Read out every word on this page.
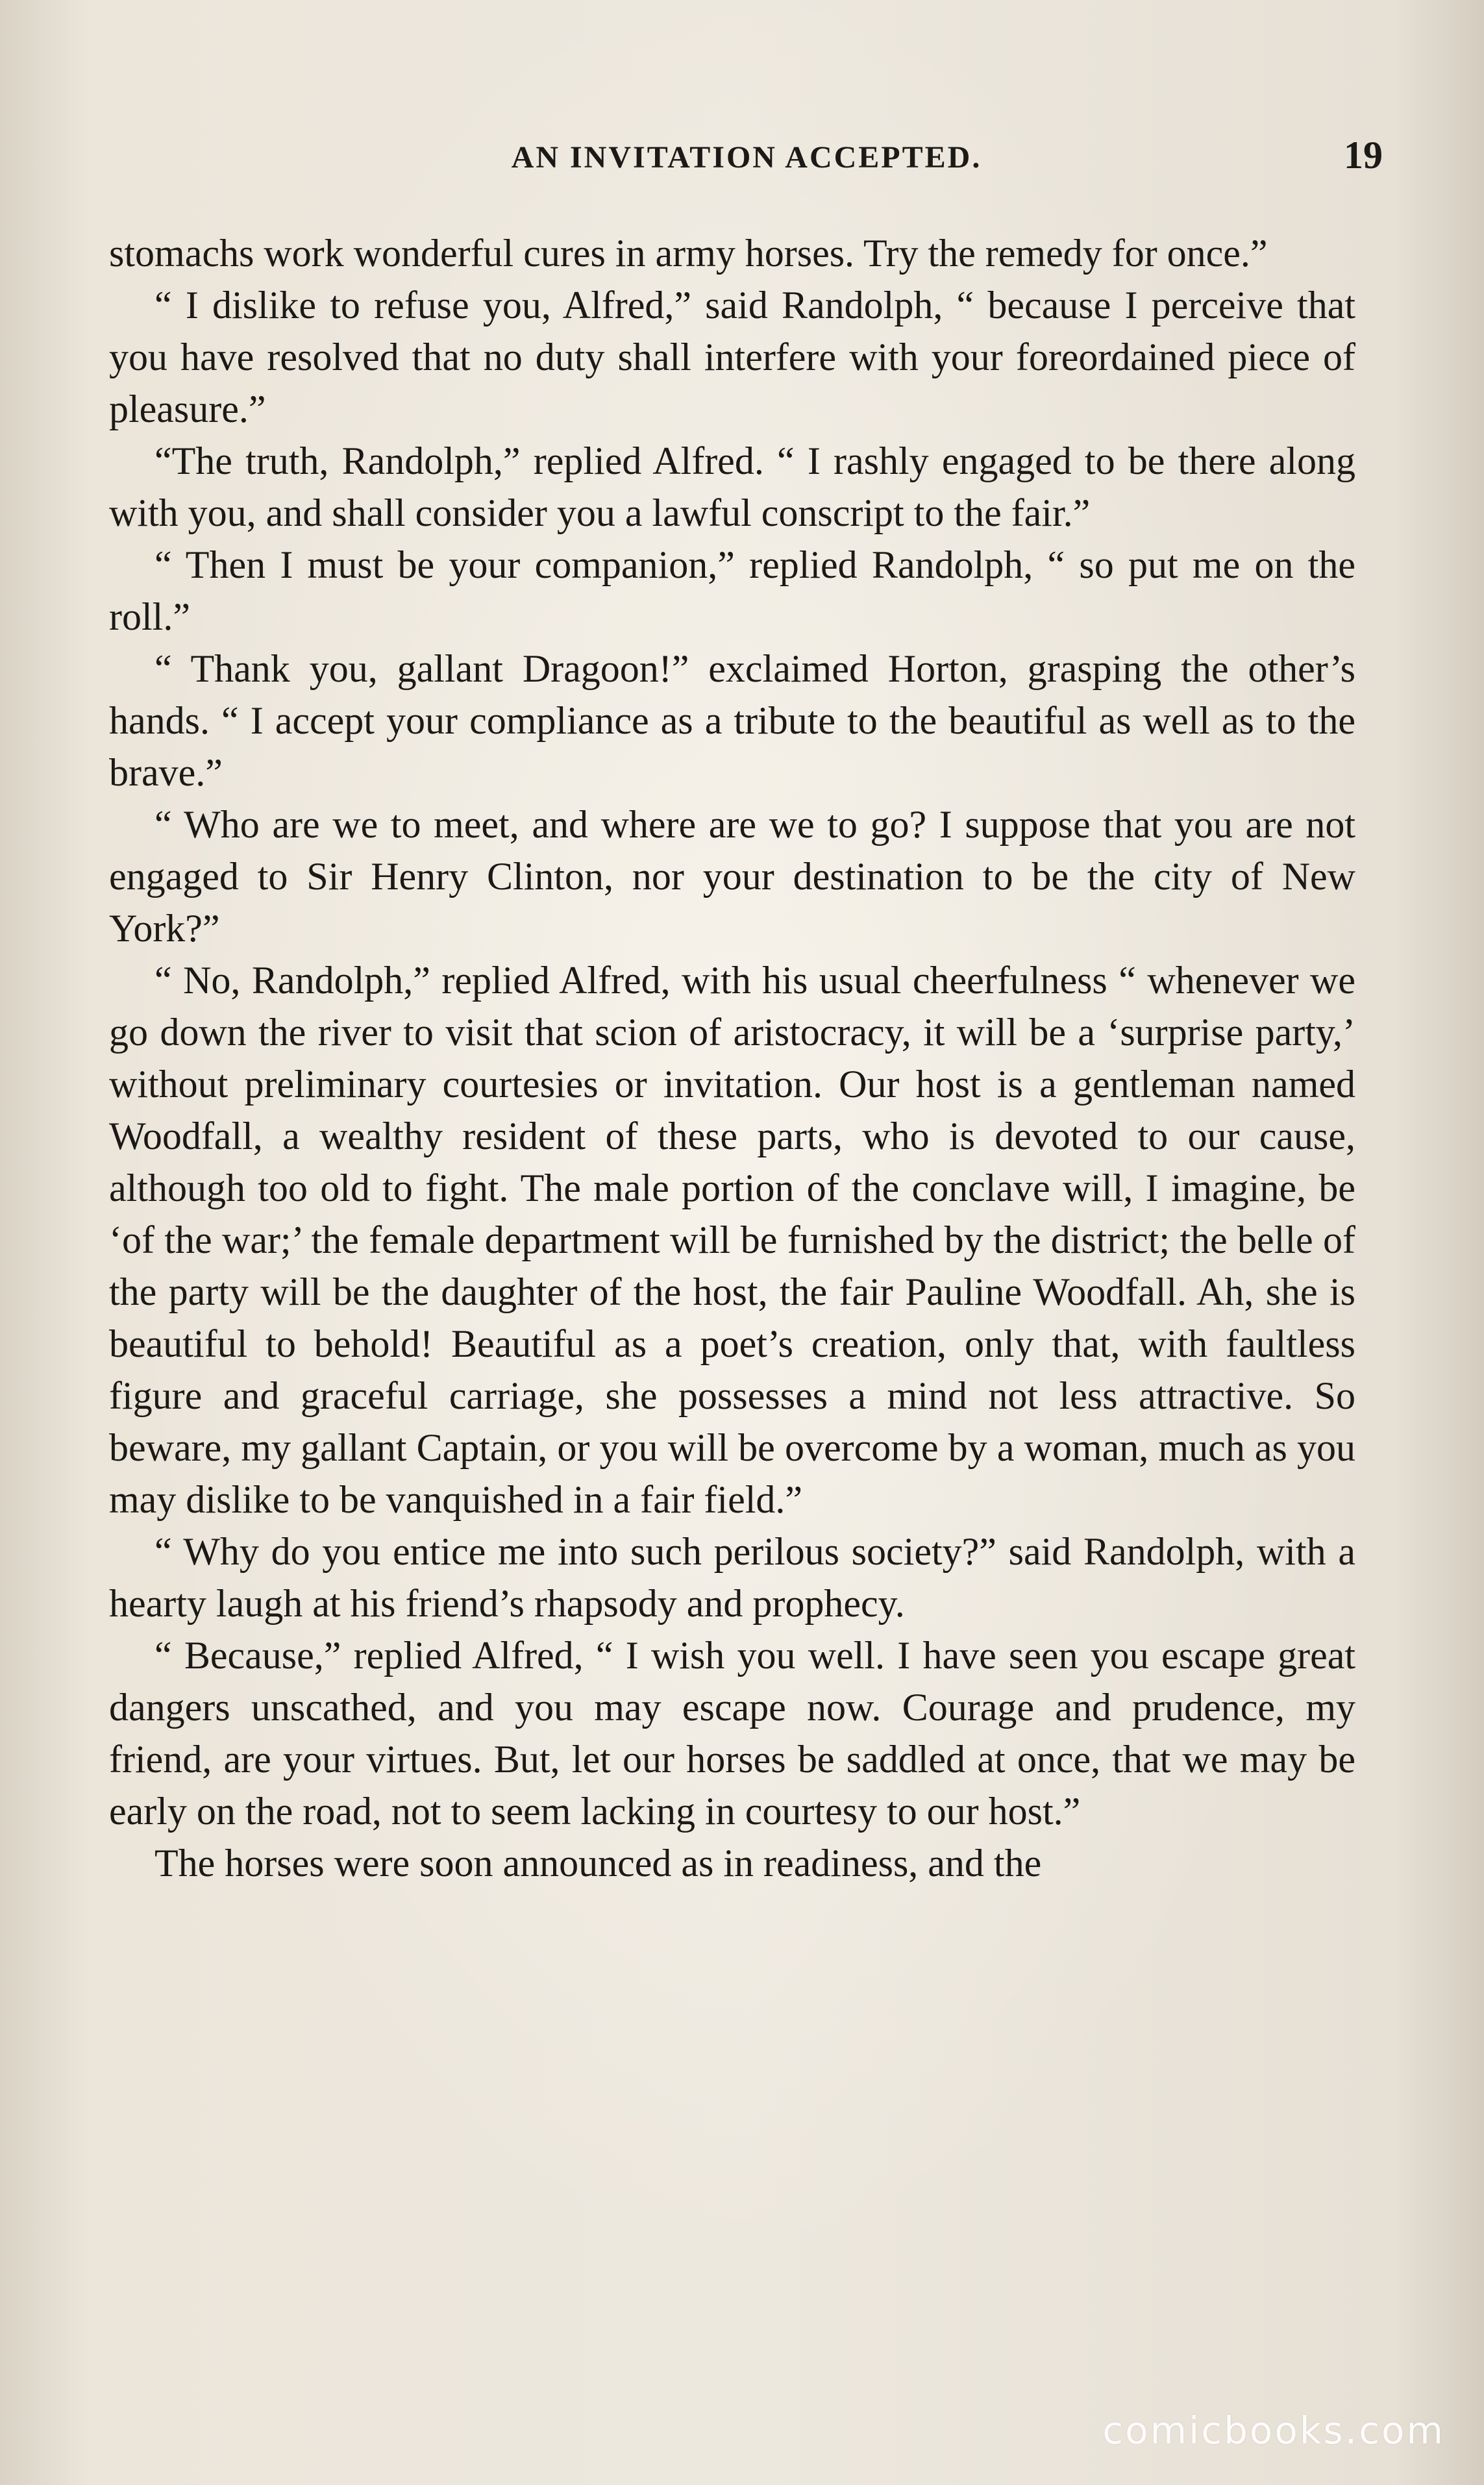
AN INVITATION ACCEPTED.	19

stomachs work wonderful cures in army horses. Try the remedy for once.”

“ I dislike to refuse you, Alfred,” said Randolph, “ because I perceive that you have resolved that no duty shall interfere with your foreordained piece of pleasure.”

“The truth, Randolph,” replied Alfred. “ I rashly engaged to be there along with you, and shall consider you a lawful conscript to the fair.”

“ Then I must be your companion,” replied Randolph, “ so put me on the roll.”

“ Thank you, gallant Dragoon!” exclaimed Horton, grasping the other’s hands. “ I accept your compliance as a tribute to the beautiful as well as to the brave.”

“ Who are we to meet, and where are we to go? I suppose that you are not engaged to Sir Henry Clinton, nor your destination to be the city of New York?”

“ No, Randolph,” replied Alfred, with his usual cheerfulness “ whenever we go down the river to visit that scion of aristocracy, it will be a ‘surprise party,’ without preliminary courtesies or invitation. Our host is a gentleman named Woodfall, a wealthy resident of these parts, who is devoted to our cause, although too old to fight. The male portion of the conclave will, I imagine, be ‘of the war;’ the female department will be furnished by the district; the belle of the party will be the daughter of the host, the fair Pauline Woodfall. Ah, she is beautiful to behold! Beautiful as a poet’s creation, only that, with faultless figure and graceful carriage, she possesses a mind not less attractive. So beware, my gallant Captain, or you will be overcome by a woman, much as you may dislike to be vanquished in a fair field.”

“ Why do you entice me into such perilous society?” said Randolph, with a hearty laugh at his friend’s rhapsody and prophecy.

“ Because,” replied Alfred, “ I wish you well. I have seen you escape great dangers unscathed, and you may escape now. Courage and prudence, my friend, are your virtues. But, let our horses be saddled at once, that we may be early on the road, not to seem lacking in courtesy to our host.”

The horses were soon announced as in readiness, and the

comicbooks.com
